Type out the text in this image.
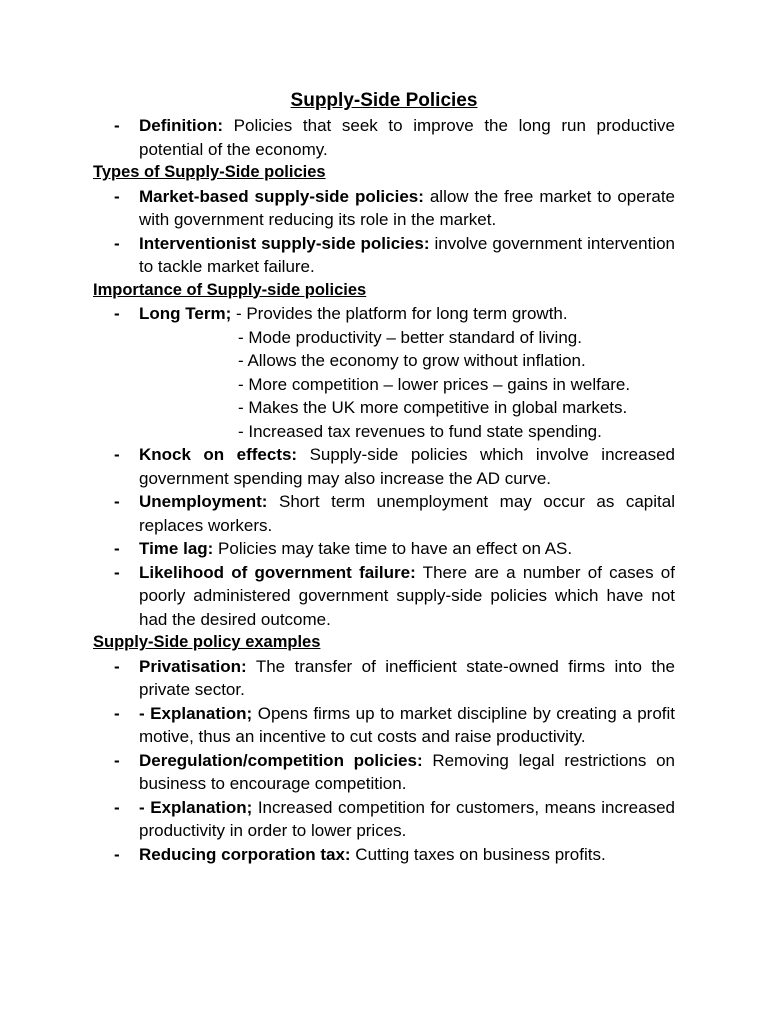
Supply-Side Policies
- Definition: Policies that seek to improve the long run productive potential of the economy.
Types of Supply-Side policies
- Market-based supply-side policies: allow the free market to operate with government reducing its role in the market.
- Interventionist supply-side policies: involve government intervention to tackle market failure.
Importance of Supply-side policies
- Long Term; - Provides the platform for long term growth.
- Mode productivity – better standard of living.
- Allows the economy to grow without inflation.
- More competition – lower prices – gains in welfare.
- Makes the UK more competitive in global markets.
- Increased tax revenues to fund state spending.
- Knock on effects: Supply-side policies which involve increased government spending may also increase the AD curve.
- Unemployment: Short term unemployment may occur as capital replaces workers.
- Time lag: Policies may take time to have an effect on AS.
- Likelihood of government failure: There are a number of cases of poorly administered government supply-side policies which have not had the desired outcome.
Supply-Side policy examples
- Privatisation: The transfer of inefficient state-owned firms into the private sector.
- - Explanation; Opens firms up to market discipline by creating a profit motive, thus an incentive to cut costs and raise productivity.
- Deregulation/competition policies: Removing legal restrictions on business to encourage competition.
- - Explanation; Increased competition for customers, means increased productivity in order to lower prices.
- Reducing corporation tax: Cutting taxes on business profits.
